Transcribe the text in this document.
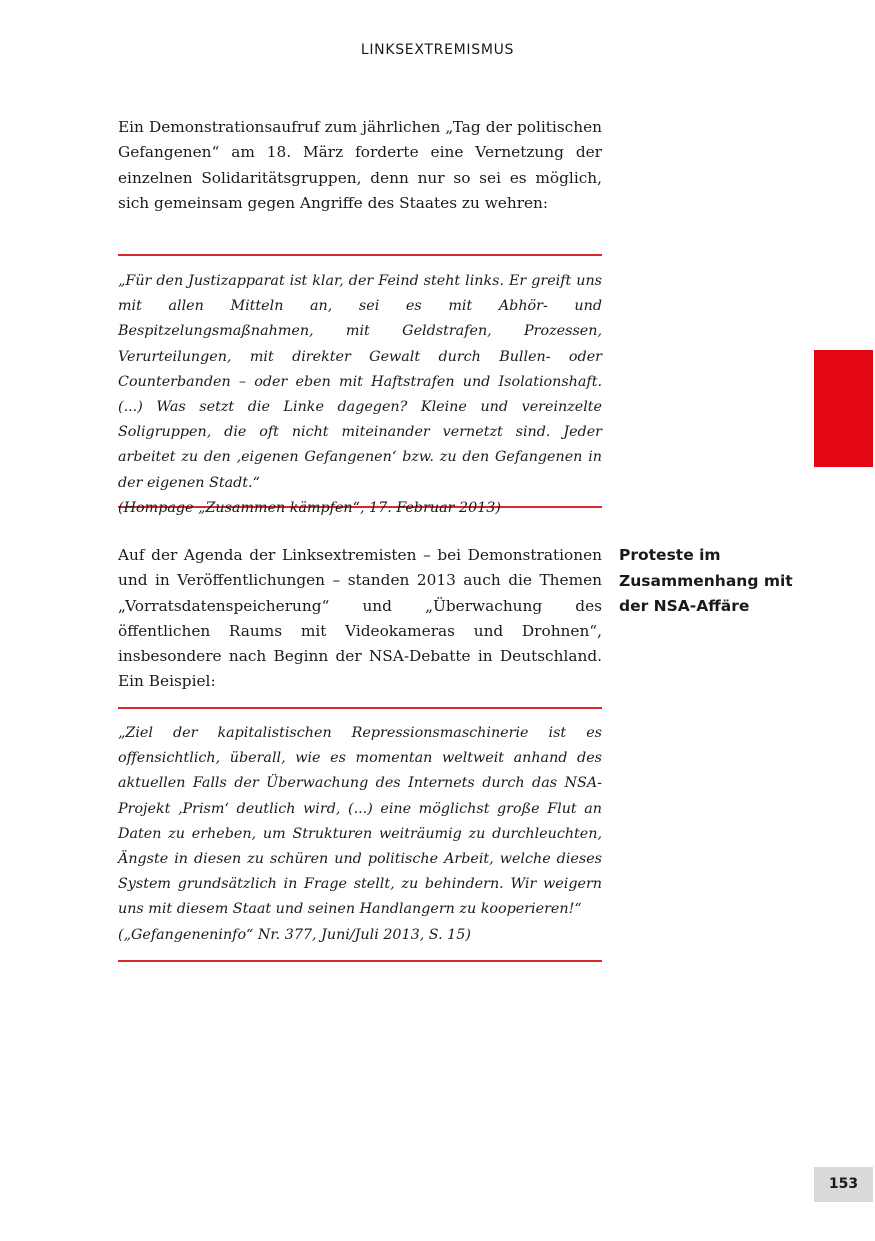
LINKSEXTREMISMUS

Ein Demonstrationsaufruf zum jährlichen „Tag der politischen Gefangenen“ am 18. März forderte eine Vernetzung der einzelnen Solidaritätsgruppen, denn nur so sei es möglich, sich gemeinsam gegen Angriffe des Staates zu wehren:

„Für den Justizapparat ist klar, der Feind steht links. Er greift uns mit allen Mitteln an, sei es mit Abhör- und Bespitzelungsmaßnahmen, mit Geldstrafen, Prozessen, Verurteilungen, mit direkter Gewalt durch Bullen- oder Counterbanden – oder eben mit Haftstrafen und Isolationshaft. (...) Was setzt die Linke dagegen? Kleine und vereinzelte Soligruppen, die oft nicht miteinander vernetzt sind. Jeder arbeitet zu den ‚eigenen Gefangenen‘ bzw. zu den Gefangenen in der eigenen Stadt.“

(Hompage „Zusammen kämpfen“, 17. Februar 2013)

Auf der Agenda der Linksextremisten – bei Demonstrationen und in Veröffentlichungen – standen 2013 auch die Themen „Vorratsdatenspeicherung“ und „Überwachung des öffentlichen Raums mit Videokameras und Drohnen“, insbesondere nach Beginn der NSA-Debatte in Deutschland. Ein Beispiel:

Proteste im Zusammenhang mit der NSA-Affäre

„Ziel der kapitalistischen Repressionsmaschinerie ist es offensichtlich, überall, wie es momentan weltweit anhand des aktuellen Falls der Überwachung des Internets durch das NSA-Projekt ‚Prism‘ deutlich wird, (...) eine möglichst große Flut an Daten zu erheben, um Strukturen weiträumig zu durchleuchten, Ängste in diesen zu schüren und politische Arbeit, welche dieses System grundsätzlich in Frage stellt, zu behindern. Wir weigern uns mit diesem Staat und seinen Handlangern zu kooperieren!“

(„Gefangeneninfo“ Nr. 377, Juni/Juli 2013, S. 15)

153
